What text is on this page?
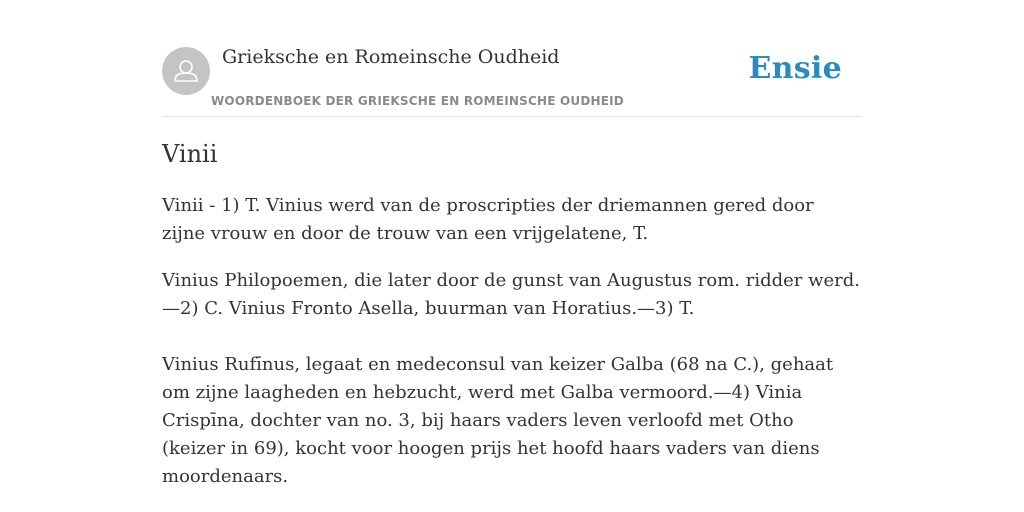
Grieksche en Romeinsche Oudheid
WOORDENBOEK DER GRIEKSCHE EN ROMEINSCHE OUDHEID
Ensie
Vinii

Vinii - 1) T. Vinius werd van de proscripties der driemannen gered door zijne vrouw en door de trouw van een vrijgelatene, T.

Vinius Philopoemen, die later door de gunst van Augustus rom. ridder werd.—2) C. Vinius Fronto Asella, buurman van Horatius.—3) T.

Vinius Rufīnus, legaat en medeconsul van keizer Galba (68 na C.), gehaat om zijne laagheden en hebzucht, werd met Galba vermoord.—4) Vinia Crispīna, dochter van no. 3, bij haars vaders leven verloofd met Otho (keizer in 69), kocht voor hoogen prijs het hoofd haars vaders van diens moordenaars.
